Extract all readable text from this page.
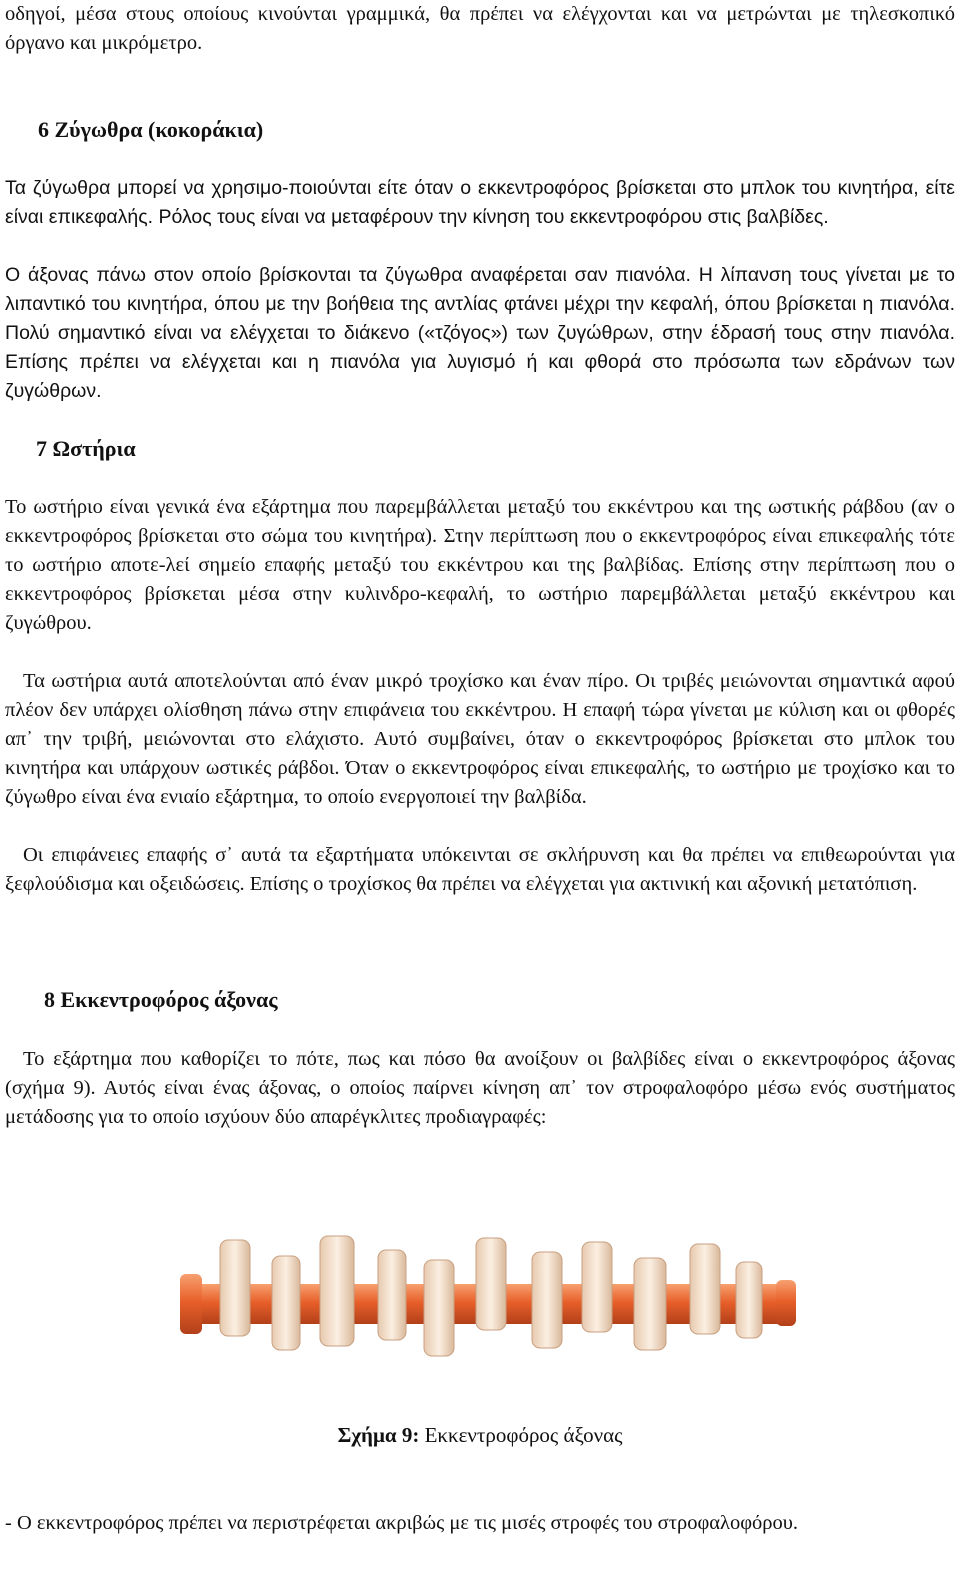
οδηγοί, μέσα στους οποίους κινούνται γραμμικά, θα πρέπει να ελέγχονται και να μετρώνται με τηλεσκοπικό όργανο και μικρόμετρο.

6 Ζύγωθρα (κοκοράκια)

Τα ζύγωθρα μπορεί να χρησιμο-ποιούνται είτε όταν ο εκκεντροφόρος βρίσκεται στο μπλοκ του κινητήρα, είτε είναι επικεφαλής. Ρόλος τους είναι να μεταφέρουν την κίνηση του εκκεντροφόρου στις βαλβίδες.

Ο άξονας πάνω στον οποίο βρίσκονται τα ζύγωθρα αναφέρεται σαν πιανόλα. Η λίπανση τους γίνεται με το λιπαντικό του κινητήρα, όπου με την βοήθεια της αντλίας φτάνει μέχρι την κεφαλή, όπου βρίσκεται η πιανόλα. Πολύ σημαντικό είναι να ελέγχεται το διάκενο («τζόγος») των ζυγώθρων, στην έδρασή τους στην πιανόλα. Επίσης πρέπει να ελέγχεται και η πιανόλα για λυγισμό ή και φθορά στο πρόσωπα των εδράνων των ζυγώθρων.

7 Ωστήρια

Το ωστήριο είναι γενικά ένα εξάρτημα που παρεμβάλλεται μεταξύ του εκκέντρου και της ωστικής ράβδου (αν ο εκκεντροφόρος βρίσκεται στο σώμα του κινητήρα). Στην περίπτωση που ο εκκεντροφόρος είναι επικεφαλής τότε το ωστήριο αποτε-λεί σημείο επαφής μεταξύ του εκκέντρου και της βαλβίδας. Επίσης στην περίπτωση που ο εκκεντροφόρος βρίσκεται μέσα στην κυλινδρο-κεφαλή, το ωστήριο παρεμβάλλεται μεταξύ εκκέντρου και ζυγώθρου.

Τα ωστήρια αυτά αποτελούνται από έναν μικρό τροχίσκο και έναν πίρο. Οι τριβές μειώνονται σημαντικά αφού πλέον δεν υπάρχει ολίσθηση πάνω στην επιφάνεια του εκκέντρου. Η επαφή τώρα γίνεται με κύλιση και οι φθορές απ᾽ την τριβή, μειώνονται στο ελάχιστο. Αυτό συμβαίνει, όταν ο εκκεντροφόρος βρίσκεται στο μπλοκ του κινητήρα και υπάρχουν ωστικές ράβδοι. Όταν ο εκκεντροφόρος είναι επικεφαλής, το ωστήριο με τροχίσκο και το ζύγωθρο είναι ένα ενιαίο εξάρτημα, το οποίο ενεργοποιεί την βαλβίδα.

Οι επιφάνειες επαφής σ᾽ αυτά τα εξαρτήματα υπόκεινται σε σκλήρυνση και θα πρέπει να επιθεωρούνται για ξεφλούδισμα και οξειδώσεις. Επίσης ο τροχίσκος θα πρέπει να ελέγχεται για ακτινική και αξονική μετατόπιση.

8 Εκκεντροφόρος άξονας

Το εξάρτημα που καθορίζει το πότε, πως και πόσο θα ανοίξουν οι βαλβίδες είναι ο εκκεντροφόρος άξονας (σχήμα 9). Αυτός είναι ένας άξονας, ο οποίος παίρνει κίνηση απ᾽ τον στροφαλοφόρο μέσω ενός συστήματος μετάδοσης για το οποίο ισχύουν δύο απαρέγκλιτες προδιαγραφές:

Σχήμα 9: Εκκεντροφόρος άξονας

- Ο εκκεντροφόρος πρέπει να περιστρέφεται ακριβώς με τις μισές στροφές του στροφαλοφόρου.
